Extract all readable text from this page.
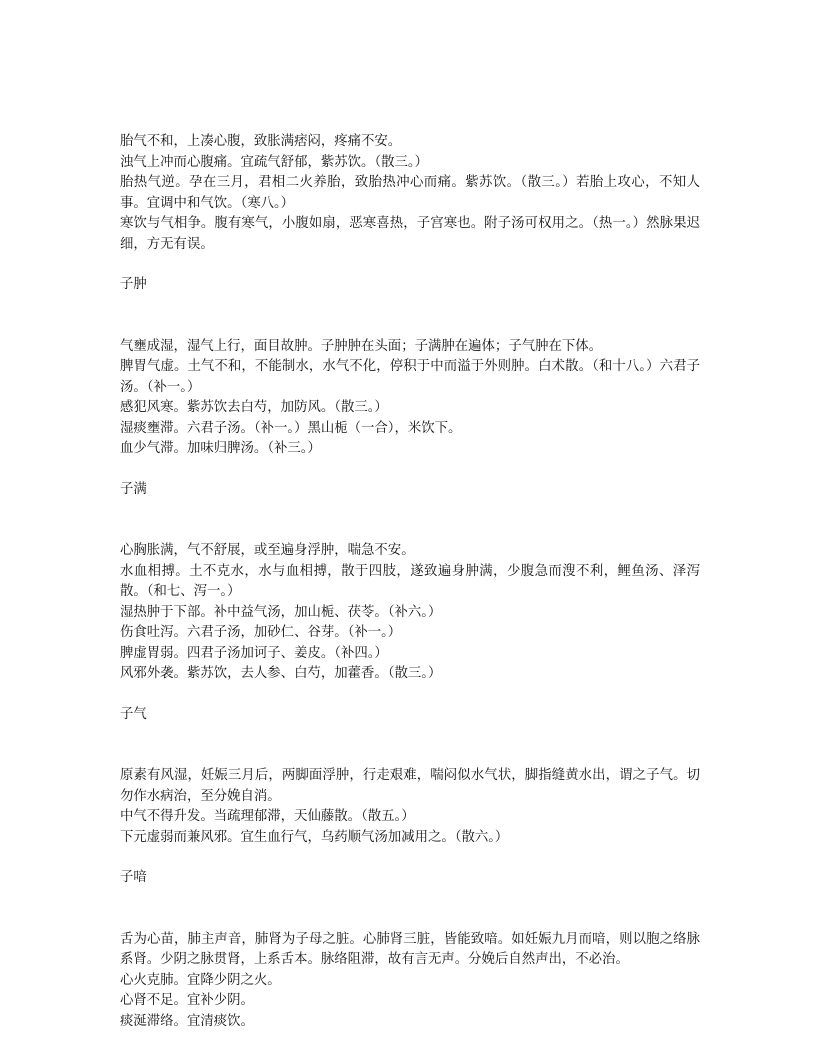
胎气不和，上凑心腹，致胀满痞闷，疼痛不安。

浊气上冲而心腹痛。宜疏气舒郁，紫苏饮。（散三。）

胎热气逆。孕在三月，君相二火养胎，致胎热冲心而痛。紫苏饮。（散三。）若胎上攻心，不知人事。宜调中和气饮。（寒八。）

寒饮与气相争。腹有寒气，小腹如扇，恶寒喜热，子宫寒也。附子汤可权用之。（热一。）然脉果迟细，方无有误。

子肿

气壅成湿，湿气上行，面目故肿。子肿肿在头面；子满肿在遍体；子气肿在下体。

脾胃气虚。土气不和，不能制水，水气不化，停积于中而溢于外则肿。白术散。（和十八。）六君子汤。（补一。）

感犯风寒。紫苏饮去白芍，加防风。（散三。）

湿痰壅滞。六君子汤。（补一。）黑山栀（一合），米饮下。

血少气滞。加味归脾汤。（补三。）

子满

心胸胀满，气不舒展，或至遍身浮肿，喘急不安。

水血相搏。土不克水，水与血相搏，散于四肢，遂致遍身肿满，少腹急而溲不利，鲤鱼汤、泽泻散。（和七、泻一。）

湿热肿于下部。补中益气汤，加山栀、茯苓。（补六。）

伤食吐泻。六君子汤，加砂仁、谷芽。（补一。）

脾虚胃弱。四君子汤加诃子、姜皮。（补四。）

风邪外袭。紫苏饮，去人参、白芍，加藿香。（散三。）

子气

原素有风湿，妊娠三月后，两脚面浮肿，行走艰难，喘闷似水气状，脚指缝黄水出，谓之子气。切勿作水病治，至分娩自消。

中气不得升发。当疏理郁滞，天仙藤散。（散五。）

下元虚弱而兼风邪。宜生血行气，乌药顺气汤加减用之。（散六。）

子喑

舌为心苗，肺主声音，肺肾为子母之脏。心肺肾三脏，皆能致喑。如妊娠九月而喑，则以胞之络脉系肾。少阴之脉贯肾，上系舌本。脉络阻滞，故有言无声。分娩后自然声出，不必治。

心火克肺。宜降少阴之火。

心肾不足。宜补少阴。

痰涎滞络。宜清痰饮。
